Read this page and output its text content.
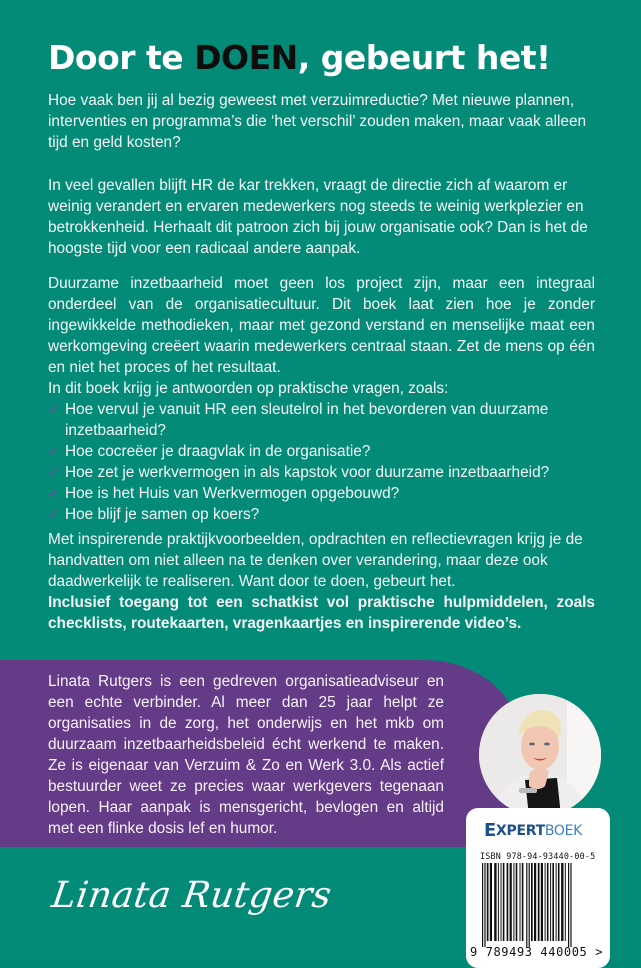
Door te DOEN, gebeurt het!

Hoe vaak ben jij al bezig geweest met verzuimreductie? Met nieuwe plannen, interventies en programma’s die ‘het verschil’ zouden maken, maar vaak alleen tijd en geld kosten?

In veel gevallen blijft HR de kar trekken, vraagt de directie zich af waarom er weinig verandert en ervaren medewerkers nog steeds te weinig werkplezier en betrokkenheid. Herhaalt dit patroon zich bij jouw organisatie ook? Dan is het de hoogste tijd voor een radicaal andere aanpak.

Duurzame inzetbaarheid moet geen los project zijn, maar een integraal onderdeel van de organisatiecultuur. Dit boek laat zien hoe je zonder ingewikkelde methodieken, maar met gezond verstand en menselijke maat een werkomgeving creëert waarin medewerkers centraal staan. Zet de mens op één en niet het proces of het resultaat.

In dit boek krijg je antwoorden op praktische vragen, zoals:
✓ Hoe vervul je vanuit HR een sleutelrol in het bevorderen van duurzame inzetbaarheid?
✓ Hoe cocreëer je draagvlak in de organisatie?
✓ Hoe zet je werkvermogen in als kapstok voor duurzame inzetbaarheid?
✓ Hoe is het Huis van Werkvermogen opgebouwd?
✓ Hoe blijf je samen op koers?

Met inspirerende praktijkvoorbeelden, opdrachten en reflectievragen krijg je de handvatten om niet alleen na te denken over verandering, maar deze ook daadwerkelijk te realiseren. Want door te doen, gebeurt het.

Inclusief toegang tot een schatkist vol praktische hulpmiddelen, zoals checklists, routekaarten, vragenkaartjes en inspirerende video’s.

Linata Rutgers is een gedreven organisatieadviseur en een echte verbinder. Al meer dan 25 jaar helpt ze organisaties in de zorg, het onderwijs en het mkb om duurzaam inzetbaarheidsbeleid écht werkend te maken. Ze is eigenaar van Verzuim & Zo en Werk 3.0. Als actief bestuurder weet ze precies waar werkgevers tegenaan lopen. Haar aanpak is mensgericht, bevlogen en altijd met een flinke dosis lef en humor.	E XPERT BOEK
ISBN 978-94-93440-00-5
9 789493 440005 >
Linata Rutgers
